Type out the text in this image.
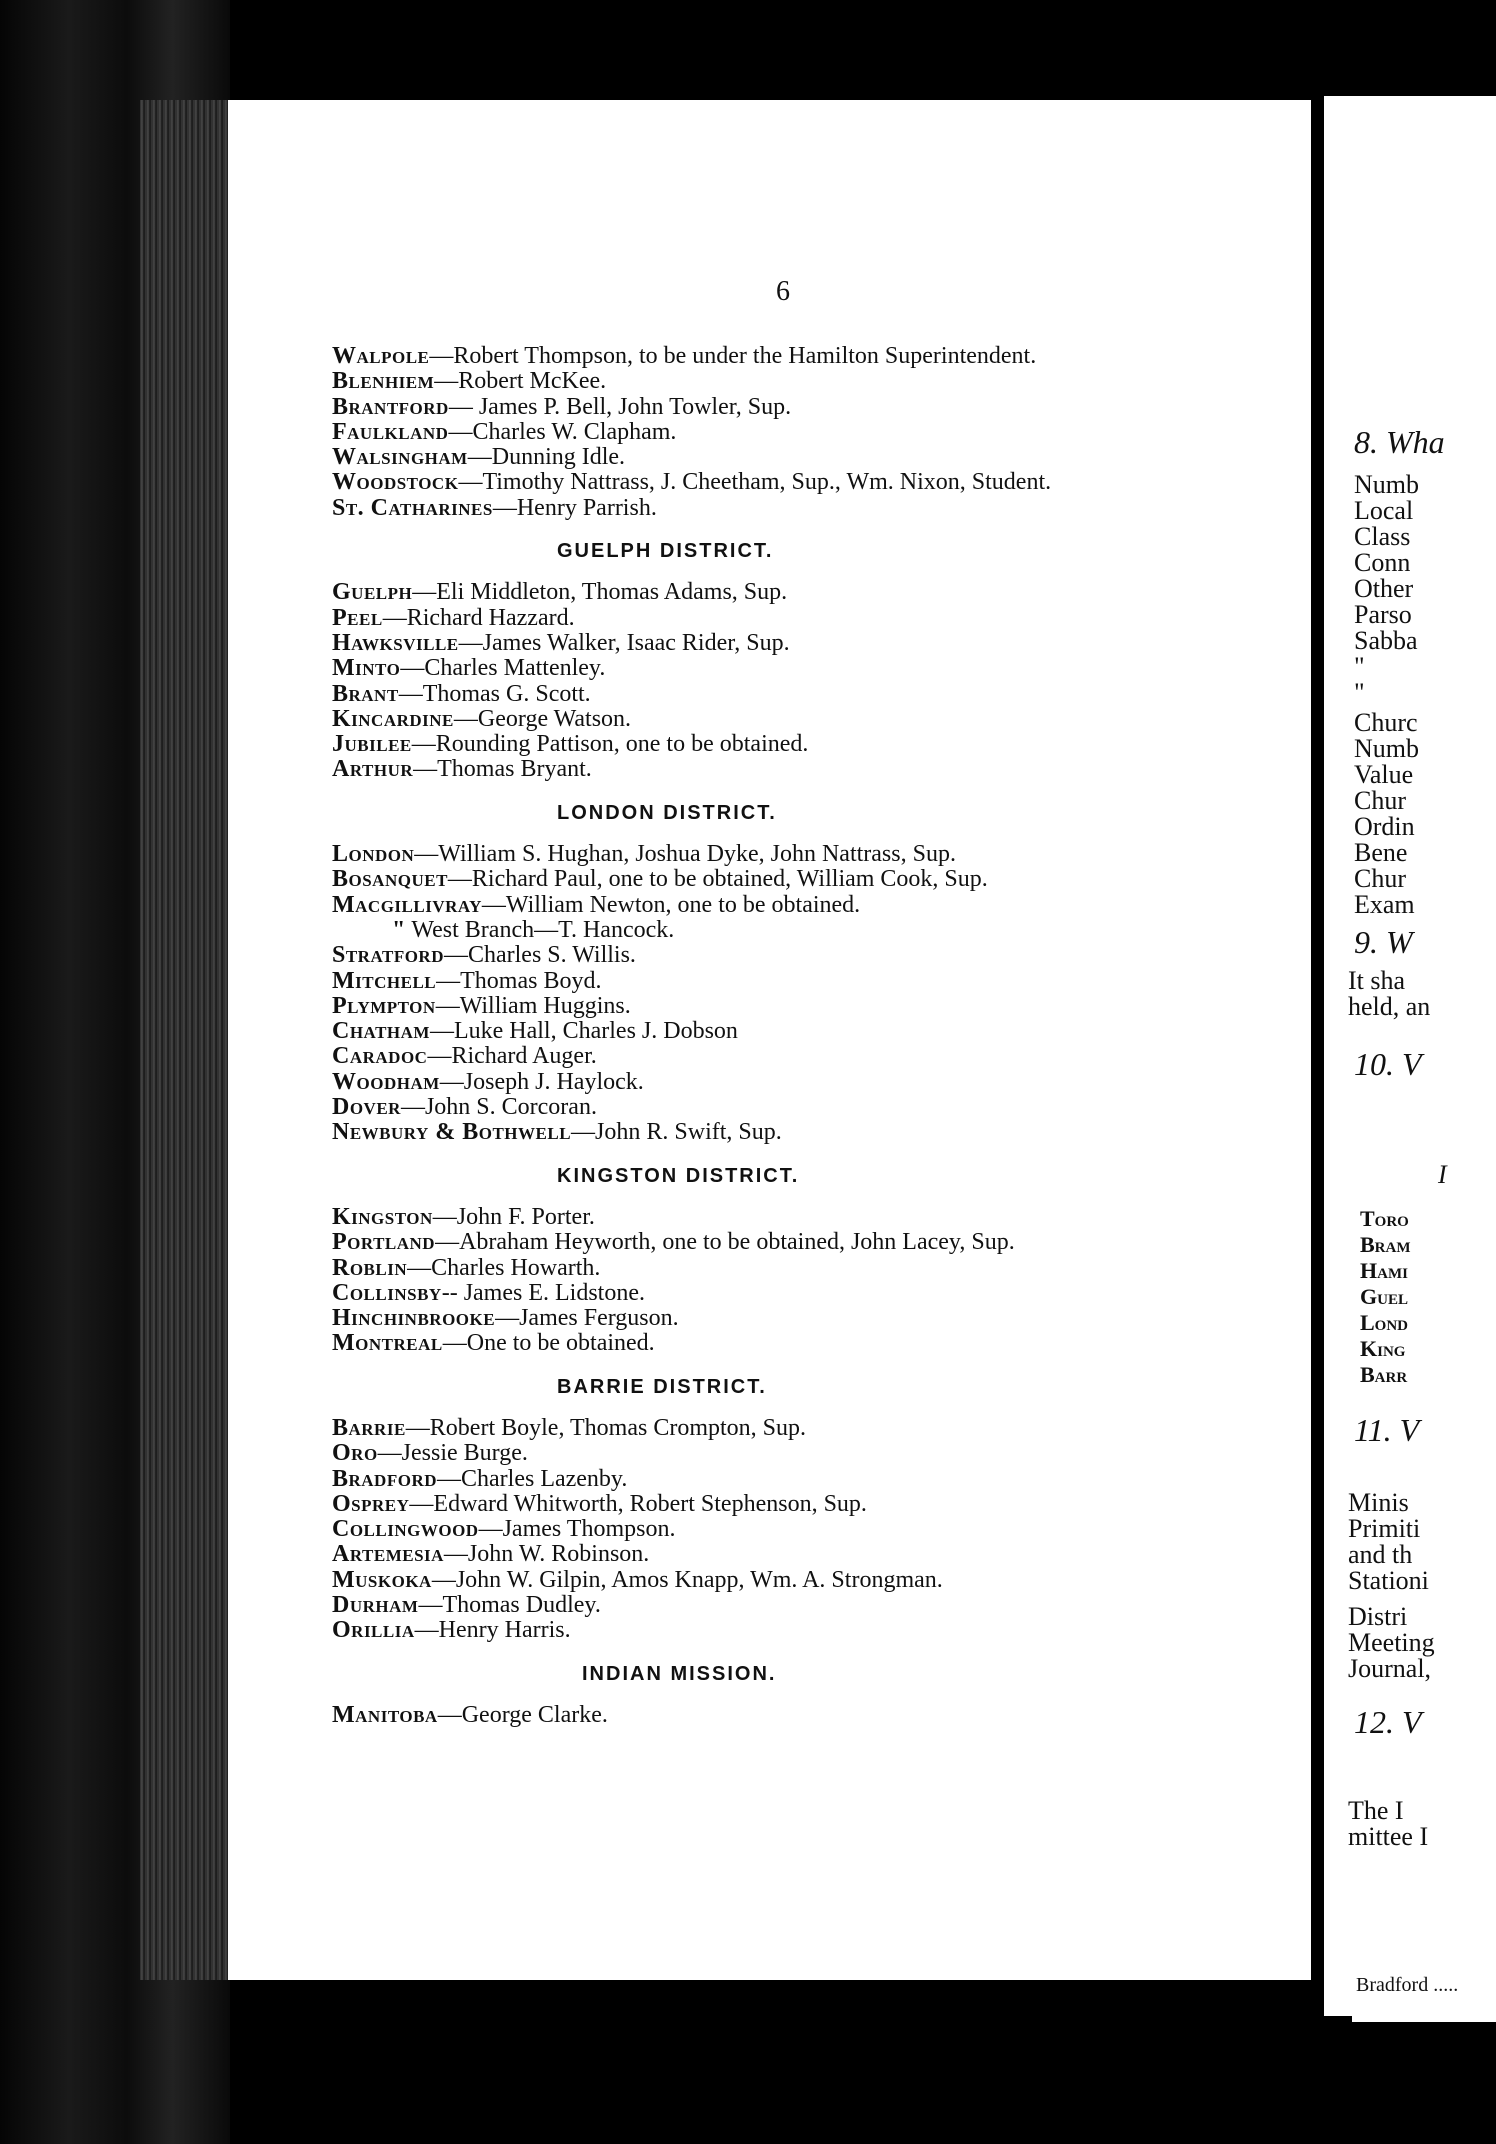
6
Walpole—Robert Thompson, to be under the Hamilton Superintendent.
Blenhiem—Robert McKee.
Brantford— James P. Bell, John Towler, Sup.
Faulkland—Charles W. Clapham.
Walsingham—Dunning Idle.
Woodstock—Timothy Nattrass, J. Cheetham, Sup., Wm. Nixon, Student.
St. Catharines—Henry Parrish.
GUELPH DISTRICT.
Guelph—Eli Middleton, Thomas Adams, Sup.
Peel—Richard Hazzard.
Hawksville—James Walker, Isaac Rider, Sup.
Minto—Charles Mattenley.
Brant—Thomas G. Scott.
Kincardine—George Watson.
Jubilee—Rounding Pattison, one to be obtained.
Arthur—Thomas Bryant.
LONDON DISTRICT.
London—William S. Hughan, Joshua Dyke, John Nattrass, Sup.
Bosanquet—Richard Paul, one to be obtained, William Cook, Sup.
Macgillivray—William Newton, one to be obtained.
" West Branch—T. Hancock.
Stratford—Charles S. Willis.
Mitchell—Thomas Boyd.
Plympton—William Huggins.
Chatham—Luke Hall, Charles J. Dobson
Caradoc—Richard Auger.
Woodham—Joseph J. Haylock.
Dover—John S. Corcoran.
Newbury & Bothwell—John R. Swift, Sup.
KINGSTON DISTRICT.
Kingston—John F. Porter.
Portland—Abraham Heyworth, one to be obtained, John Lacey, Sup.
Roblin—Charles Howarth.
Collinsby-- James E. Lidstone.
Hinchinbrooke—James Ferguson.
Montreal—One to be obtained.
BARRIE DISTRICT.
Barrie—Robert Boyle, Thomas Crompton, Sup.
Oro—Jessie Burge.
Bradford—Charles Lazenby.
Osprey—Edward Whitworth, Robert Stephenson, Sup.
Collingwood—James Thompson.
Artemesia—John W. Robinson.
Muskoka—John W. Gilpin, Amos Knapp, Wm. A. Strongman.
Durham—Thomas Dudley.
Orillia—Henry Harris.
INDIAN MISSION.
Manitoba—George Clarke.
8. Wha
Numb
Local
Class
Conn
Other
Parso
Sabba
"
"
Churc
Numb
Value
Chur
Ordin
Bene
Chur
Exam
9. W
It sha
held, an
10. V
I
Toro
Bram
Hami
Guel
Lond
King
Barr
11. V
Minis
Primiti
and th
Stationi
Distri
Meeting
Journal,
12. V
The I
mittee I
Bradford .....
